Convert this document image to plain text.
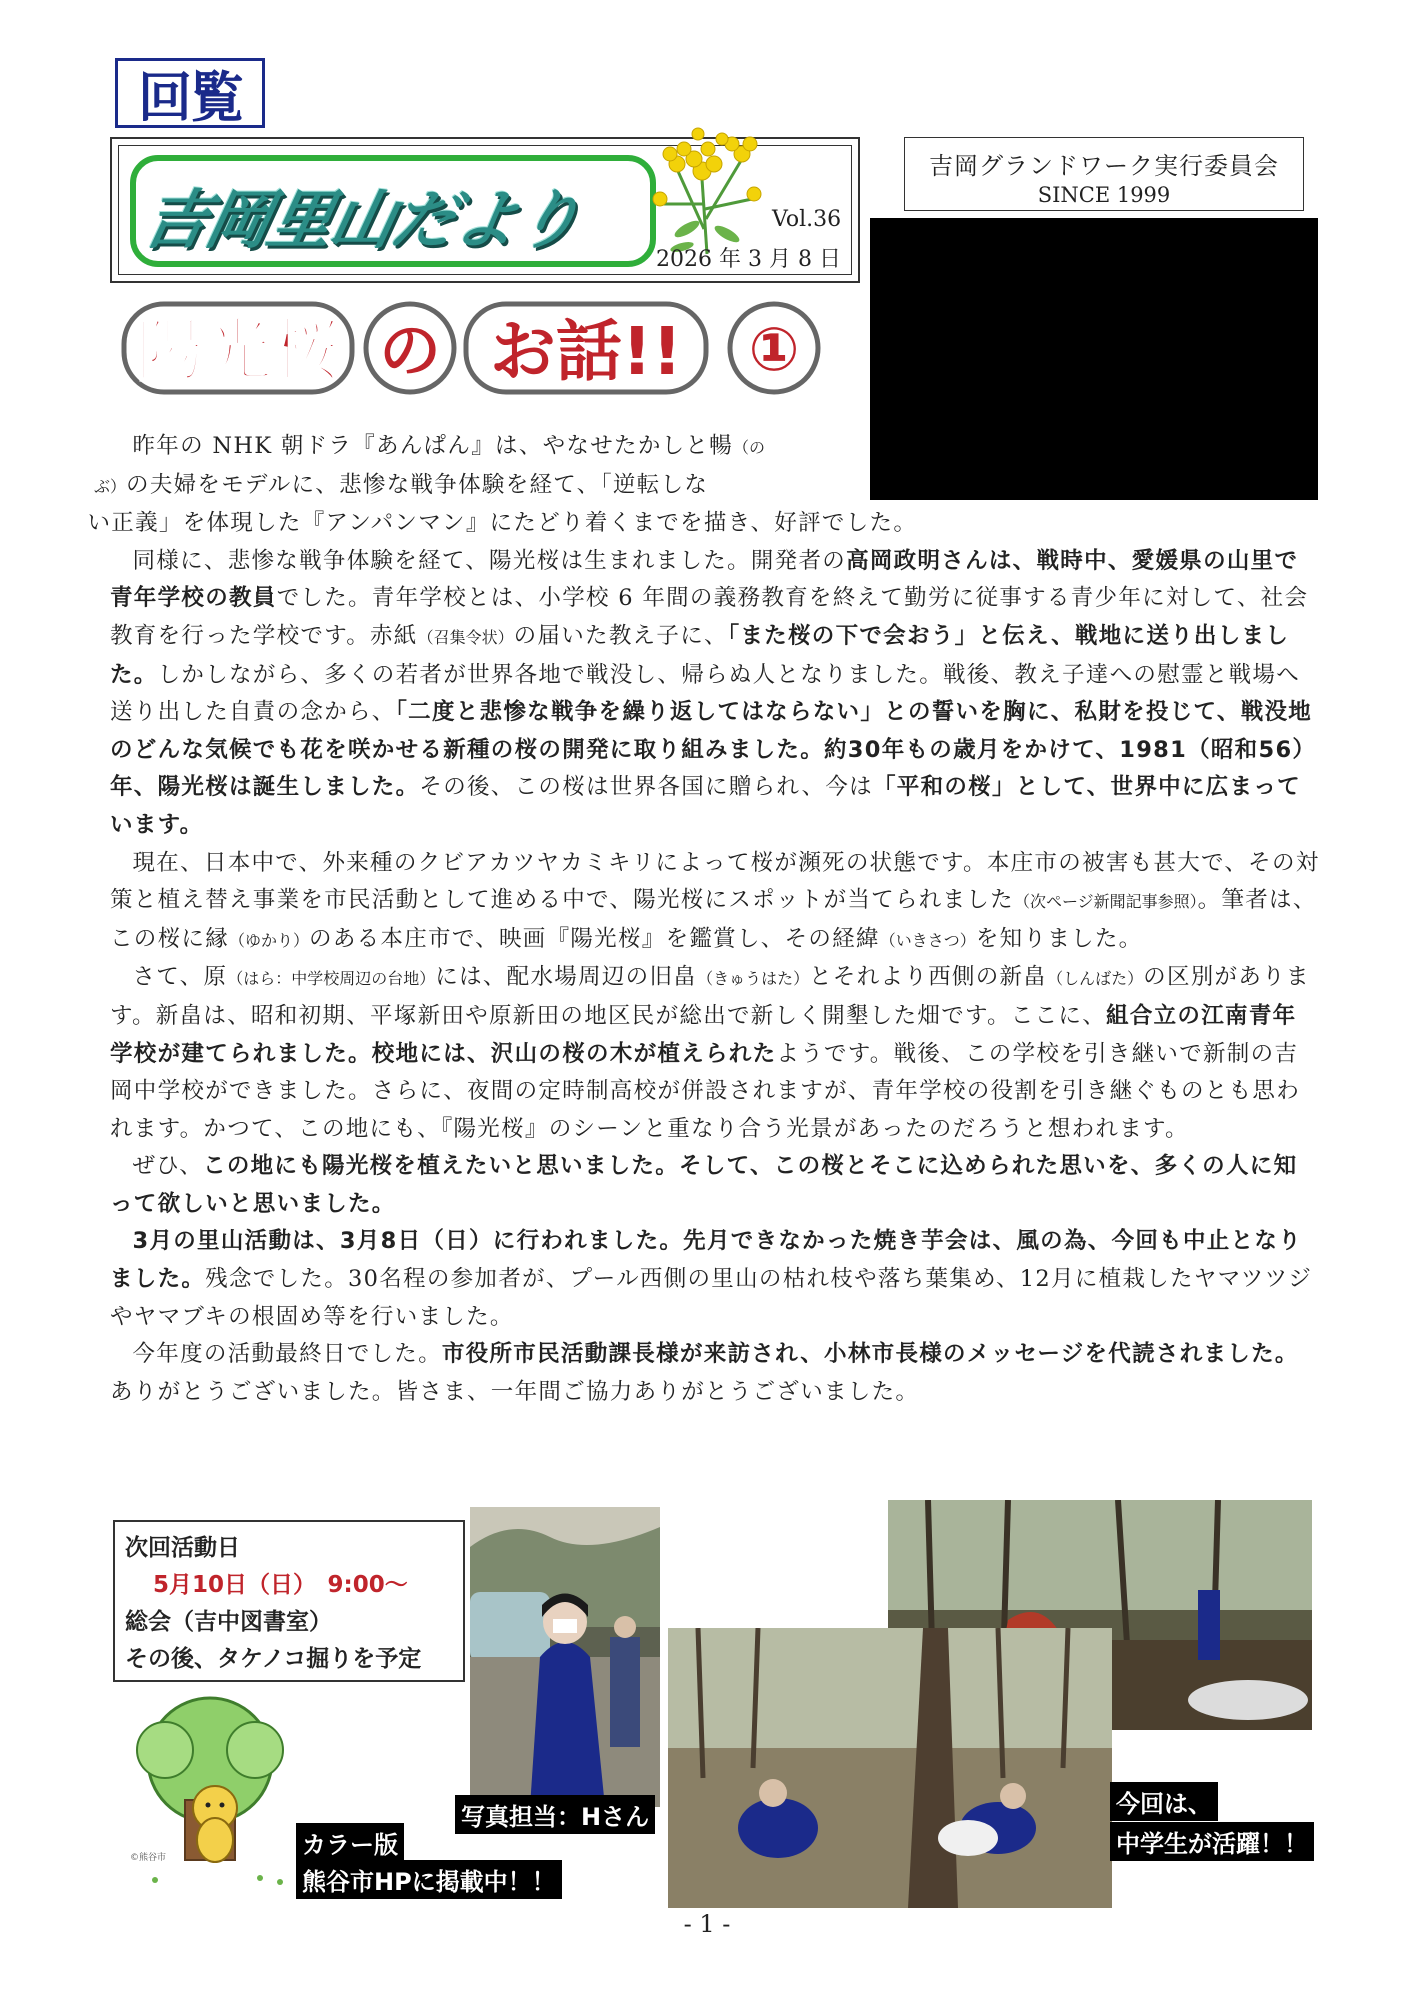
回覧
吉岡里山だより	Vol.36
2026 年 3 月 8 日
吉岡グランドワーク実行委員会
SINCE 1999
陽光桜 の お話!! ①

昨年の NHK 朝ドラ『あんぱん』は、やなせたかしと暢（の
ぶ）の夫婦をモデルに、悲惨な戦争体験を経て、「逆転しな
い正義」を体現した『アンパンマン』にたどり着くまでを描き、好評でした。

同様に、悲惨な戦争体験を経て、陽光桜は生まれました。開発者の高岡政明さんは、戦時中、愛媛県の山里で青年学校の教員でした。青年学校とは、小学校 6 年間の義務教育を終えて勤労に従事する青少年に対して、社会教育を行った学校です。赤紙（召集令状）の届いた教え子に、「また桜の下で会おう」と伝え、戦地に送り出しました。しかしながら、多くの若者が世界各地で戦没し、帰らぬ人となりました。戦後、教え子達への慰霊と戦場へ送り出した自責の念から、「二度と悲惨な戦争を繰り返してはならない」との誓いを胸に、私財を投じて、戦没地のどんな気候でも花を咲かせる新種の桜の開発に取り組みました。約30年もの歳月をかけて、1981（昭和56）年、陽光桜は誕生しました。その後、この桜は世界各国に贈られ、今は「平和の桜」として、世界中に広まっています。

現在、日本中で、外来種のクビアカツヤカミキリによって桜が瀕死の状態です。本庄市の被害も甚大で、その対策と植え替え事業を市民活動として進める中で、陽光桜にスポットが当てられました（次ページ新聞記事参照）。筆者は、この桜に縁（ゆかり）のある本庄市で、映画『陽光桜』を鑑賞し、その経緯（いきさつ）を知りました。

さて、原（はら：中学校周辺の台地）には、配水場周辺の旧畠（きゅうはた）とそれより西側の新畠（しんばた）の区別があります。新畠は、昭和初期、平塚新田や原新田の地区民が総出で新しく開墾した畑です。ここに、組合立の江南青年学校が建てられました。校地には、沢山の桜の木が植えられたようです。戦後、この学校を引き継いで新制の吉岡中学校ができました。さらに、夜間の定時制高校が併設されますが、青年学校の役割を引き継ぐものとも思われます。かつて、この地にも、『陽光桜』のシーンと重なり合う光景があったのだろうと想われます。

ぜひ、この地にも陽光桜を植えたいと思いました。そして、この桜とそこに込められた思いを、多くの人に知って欲しいと思いました。

3月の里山活動は、3月8日（日）に行われました。先月できなかった焼き芋会は、風の為、今回も中止となりました。残念でした。30名程の参加者が、プール西側の里山の枯れ枝や落ち葉集め、12月に植栽したヤマツツジやヤマブキの根固め等を行いました。

今年度の活動最終日でした。市役所市民活動課長様が来訪され、小林市長様のメッセージを代読されました。ありがとうございました。皆さま、一年間ご協力ありがとうございました。

次回活動日
5月10日（日）　9:00～
総会（吉中図書室）
その後、タケノコ掘りを予定
©熊谷市
写真担当：Hさん
カラー版
熊谷市HPに掲載中！！
今回は、
中学生が活躍！！
- 1 -
